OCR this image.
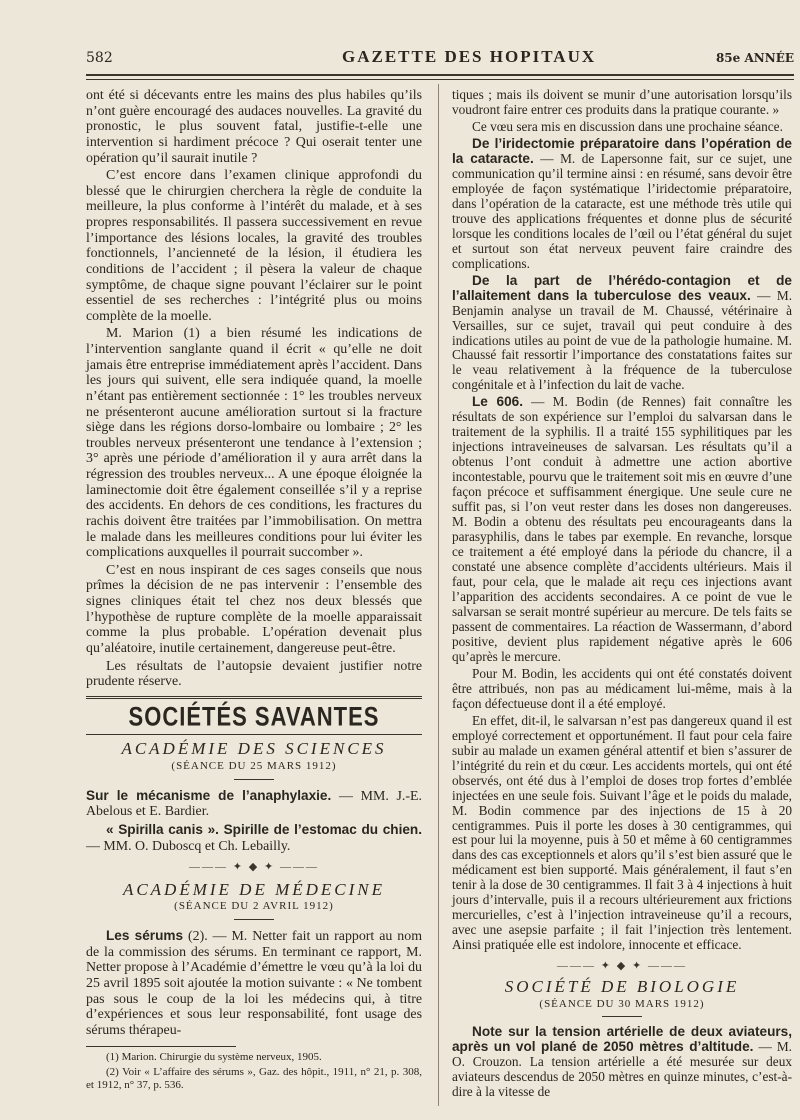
582	GAZETTE DES HOPITAUX	85e ANNÉE

ont été si décevants entre les mains des plus habiles qu’ils n’ont guère encouragé des audaces nouvelles. La gravité du pronostic, le plus souvent fatal, justifie-t-elle une intervention si hardiment précoce ? Qui oserait tenter une opération qu’il saurait inutile ?

C’est encore dans l’examen clinique approfondi du blessé que le chirurgien cherchera la règle de conduite la meilleure, la plus conforme à l’intérêt du malade, et à ses propres responsabilités. Il passera successivement en revue l’importance des lésions locales, la gravité des troubles fonctionnels, l’ancienneté de la lésion, il étudiera les conditions de l’accident ; il pèsera la valeur de chaque symptôme, de chaque signe pouvant l’éclairer sur le point essentiel de ses recherches : l’intégrité plus ou moins complète de la moelle.

M. Marion (1) a bien résumé les indications de l’intervention sanglante quand il écrit « qu’elle ne doit jamais être entreprise immédiatement après l’accident. Dans les jours qui suivent, elle sera indiquée quand, la moelle n’étant pas entièrement sectionnée : 1° les troubles nerveux ne présenteront aucune amélioration surtout si la fracture siège dans les régions dorso-lombaire ou lombaire ; 2° les troubles nerveux présenteront une tendance à l’extension ; 3° après une période d’amélioration il y aura arrêt dans la régression des troubles nerveux... A une époque éloignée la laminectomie doit être également conseillée s’il y a reprise des accidents. En dehors de ces conditions, les fractures du rachis doivent être traitées par l’immobilisation. On mettra le malade dans les meilleures conditions pour lui éviter les complications auxquelles il pourrait succomber ».

C’est en nous inspirant de ces sages conseils que nous prîmes la décision de ne pas intervenir : l’ensemble des signes cliniques était tel chez nos deux blessés que l’hypothèse de rupture complète de la moelle apparaissait comme la plus probable. L’opération devenait plus qu’aléatoire, inutile certainement, dangereuse peut-être.

Les résultats de l’autopsie devaient justifier notre prudente réserve.

SOCIÉTÉS SAVANTES
ACADÉMIE DES SCIENCES
(SÉANCE DU 25 MARS 1912)

Sur le mécanisme de l’anaphylaxie. — MM. J.-E. Abelous et E. Bardier.

« Spirilla canis ». Spirille de l’estomac du chien. — MM. O. Duboscq et Ch. Lebailly.

——— ✦ ◆ ✦ ———
ACADÉMIE DE MÉDECINE
(SÉANCE DU 2 AVRIL 1912)

Les sérums (2). — M. Netter fait un rapport au nom de la commission des sérums. En terminant ce rapport, M. Netter propose à l’Académie d’émettre le vœu qu’à la loi du 25 avril 1895 soit ajoutée la motion suivante : « Ne tombent pas sous le coup de la loi les médecins qui, à titre d’expériences et sous leur responsabilité, font usage des sérums thérapeu-

(1) Marion. Chirurgie du système nerveux, 1905.

(2) Voir « L’affaire des sérums », Gaz. des hôpit., 1911, n° 21, p. 308, et 1912, n° 37, p. 536.

tiques ; mais ils doivent se munir d’une autorisation lorsqu’ils voudront faire entrer ces produits dans la pratique courante. »

Ce vœu sera mis en discussion dans une prochaine séance.

De l’iridectomie préparatoire dans l’opération de la cataracte. — M. de Lapersonne fait, sur ce sujet, une communication qu’il termine ainsi : en résumé, sans devoir être employée de façon systématique l’iridectomie préparatoire, dans l’opération de la cataracte, est une méthode très utile qui trouve des applications fréquentes et donne plus de sécurité lorsque les conditions locales de l’œil ou l’état général du sujet et surtout son état nerveux peuvent faire craindre des complications.

De la part de l’hérédo-contagion et de l’allaitement dans la tuberculose des veaux. — M. Benjamin analyse un travail de M. Chaussé, vétérinaire à Versailles, sur ce sujet, travail qui peut conduire à des indications utiles au point de vue de la pathologie humaine. M. Chaussé fait ressortir l’importance des constatations faites sur le veau relativement à la fréquence de la tuberculose congénitale et à l’infection du lait de vache.

Le 606. — M. Bodin (de Rennes) fait connaître les résultats de son expérience sur l’emploi du salvarsan dans le traitement de la syphilis. Il a traité 155 syphilitiques par les injections intraveineuses de salvarsan. Les résultats qu’il a obtenus l’ont conduit à admettre une action abortive incontestable, pourvu que le traitement soit mis en œuvre d’une façon précoce et suffisamment énergique. Une seule cure ne suffit pas, si l’on veut rester dans les doses non dangereuses. M. Bodin a obtenu des résultats peu encourageants dans la parasyphilis, dans le tabes par exemple. En revanche, lorsque ce traitement a été employé dans la période du chancre, il a constaté une absence complète d’accidents ultérieurs. Mais il faut, pour cela, que le malade ait reçu ces injections avant l’apparition des accidents secondaires. A ce point de vue le salvarsan se serait montré supérieur au mercure. De tels faits se passent de commentaires. La réaction de Wassermann, d’abord positive, devient plus rapidement négative après le 606 qu’après le mercure.

Pour M. Bodin, les accidents qui ont été constatés doivent être attribués, non pas au médicament lui-même, mais à la façon défectueuse dont il a été employé.

En effet, dit-il, le salvarsan n’est pas dangereux quand il est employé correctement et opportunément. Il faut pour cela faire subir au malade un examen général attentif et bien s’assurer de l’intégrité du rein et du cœur. Les accidents mortels, qui ont été observés, ont été dus à l’emploi de doses trop fortes d’emblée injectées en une seule fois. Suivant l’âge et le poids du malade, M. Bodin commence par des injections de 15 à 20 centigrammes. Puis il porte les doses à 30 centigrammes, qui est pour lui la moyenne, puis à 50 et même à 60 centigrammes dans des cas exceptionnels et alors qu’il s’est bien assuré que le médicament est bien supporté. Mais généralement, il faut s’en tenir à la dose de 30 centigrammes. Il fait 3 à 4 injections à huit jours d’intervalle, puis il a recours ultérieurement aux frictions mercurielles, c’est à l’injection intraveineuse qu’il a recours, avec une asepsie parfaite ; il fait l’injection très lentement. Ainsi pratiquée elle est indolore, innocente et efficace.

——— ✦ ◆ ✦ ———
SOCIÉTÉ DE BIOLOGIE
(SÉANCE DU 30 MARS 1912)

Note sur la tension artérielle de deux aviateurs, après un vol plané de 2050 mètres d’altitude. — M. O. Crouzon. La tension artérielle a été mesurée sur deux aviateurs descendus de 2050 mètres en quinze minutes, c’est-à-dire à la vitesse de
